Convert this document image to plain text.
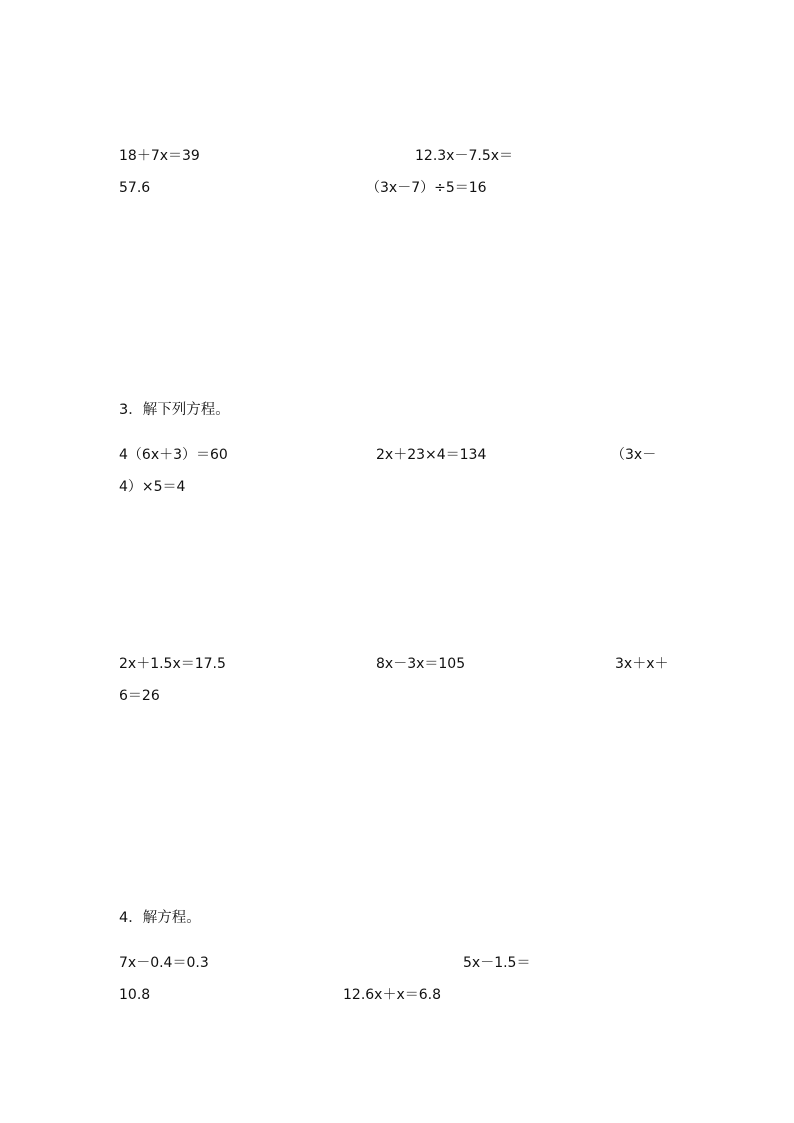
18＋7x＝39	12.3x－7.5x＝
57.6	（3x－7）÷5＝16
3．解下列方程。
4（6x＋3）＝60	2x＋23×4＝134	（3x－
4）×5＝4
2x＋1.5x＝17.5	8x－3x＝105	3x＋x＋
6＝26
4．解方程。
7x－0.4＝0.3	5x－1.5＝
10.8	12.6x＋x＝6.8
